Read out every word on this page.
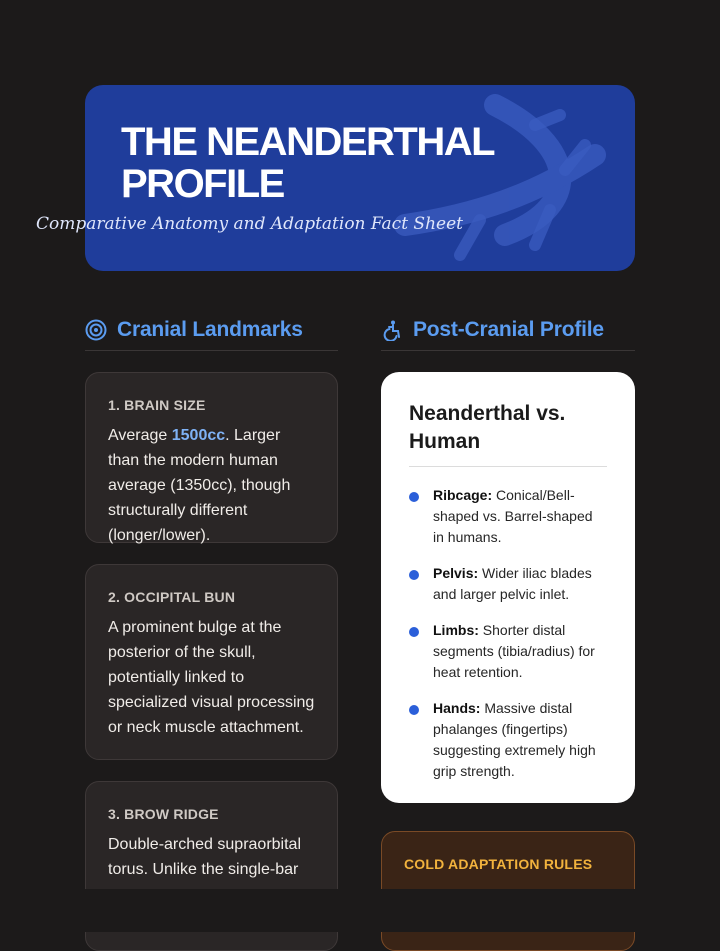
THE NEANDERTHAL PROFILE

Comparative Anatomy and Adaptation Fact Sheet

Cranial Landmarks	Post-Cranial Profile

1. BRAIN SIZE

Average 1500cc. Larger than the modern human average (1350cc), though structurally different (longer/lower).

2. OCCIPITAL BUN

A prominent bulge at the posterior of the skull, potentially linked to specialized visual processing or neck muscle attachment.

3. BROW RIDGE

Double-arched supraorbital torus. Unlike the single-bar

Neanderthal vs. Human

Ribcage: Conical/Bell-shaped vs. Barrel-shaped in humans.
Pelvis: Wider iliac blades and larger pelvic inlet.
Limbs: Shorter distal segments (tibia/radius) for heat retention.
Hands: Massive distal phalanges (fingertips) suggesting extremely high grip strength.

COLD ADAPTATION RULES
